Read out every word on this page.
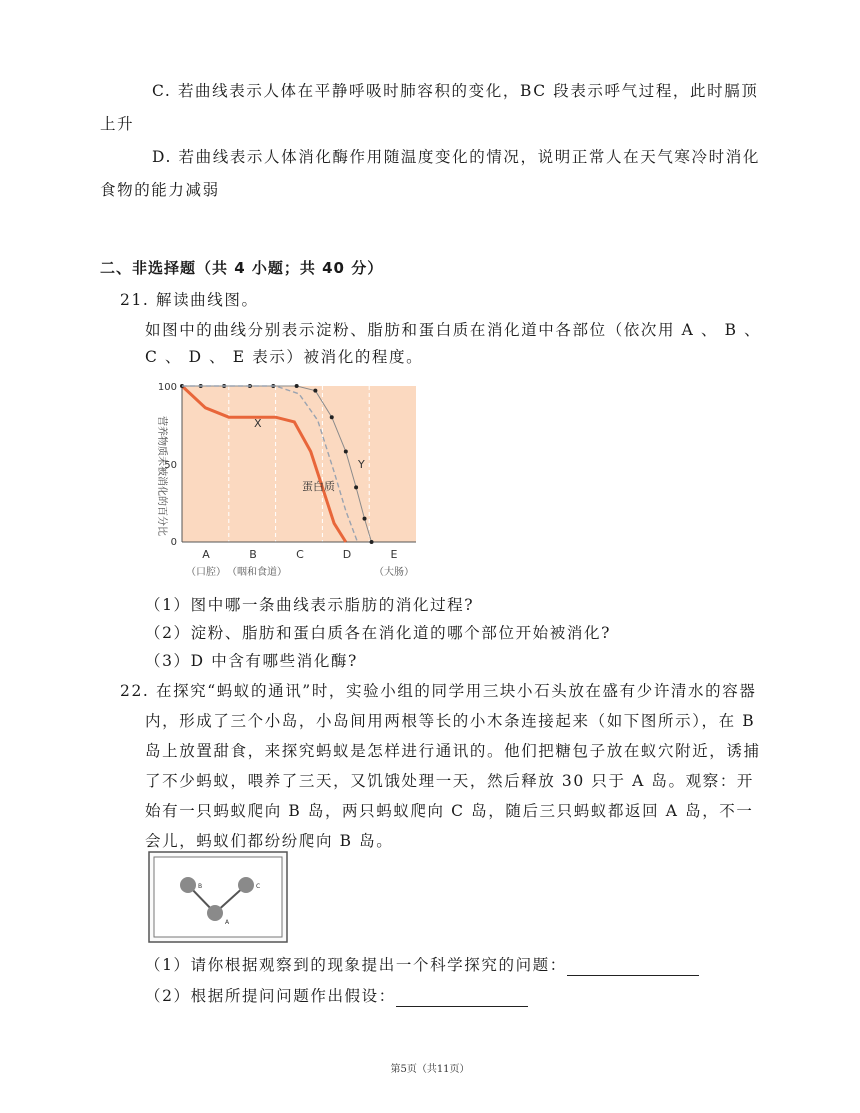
C. 若曲线表示人体在平静呼吸时肺容积的变化，BC 段表示呼气过程，此时膈顶
上升
D. 若曲线表示人体消化酶作用随温度变化的情况，说明正常人在天气寒冷时消化
食物的能力减弱
二、非选择题（共 4 小题；共 40 分）
21. 解读曲线图。
如图中的曲线分别表示淀粉、脂肪和蛋白质在消化道中各部位（依次用 A 、 B 、
C 、 D 、 E 表示）被消化的程度。
营养物质未被消化的百分比
100
50
0
A	B	C	D	E
（口腔） （咽和食道）	（大肠）
X
Y
蛋白质
（1）图中哪一条曲线表示脂肪的消化过程?
（2）淀粉、脂肪和蛋白质各在消化道的哪个部位开始被消化?
（3）D 中含有哪些消化酶?
22. 在探究“蚂蚁的通讯”时，实验小组的同学用三块小石头放在盛有少许清水的容器
内，形成了三个小岛，小岛间用两根等长的小木条连接起来（如下图所示），在 B
岛上放置甜食，来探究蚂蚁是怎样进行通讯的。他们把糖包子放在蚁穴附近，诱捕
了不少蚂蚁，喂养了三天，又饥饿处理一天，然后释放 30 只于 A 岛。观察：开
始有一只蚂蚁爬向 B 岛，两只蚂蚁爬向 C 岛，随后三只蚂蚁都返回 A 岛，不一
会儿，蚂蚁们都纷纷爬向 B 岛。
B	C
A
（1）请你根据观察到的现象提出一个科学探究的问题：
（2）根据所提问问题作出假设：
第5页（共11页）
